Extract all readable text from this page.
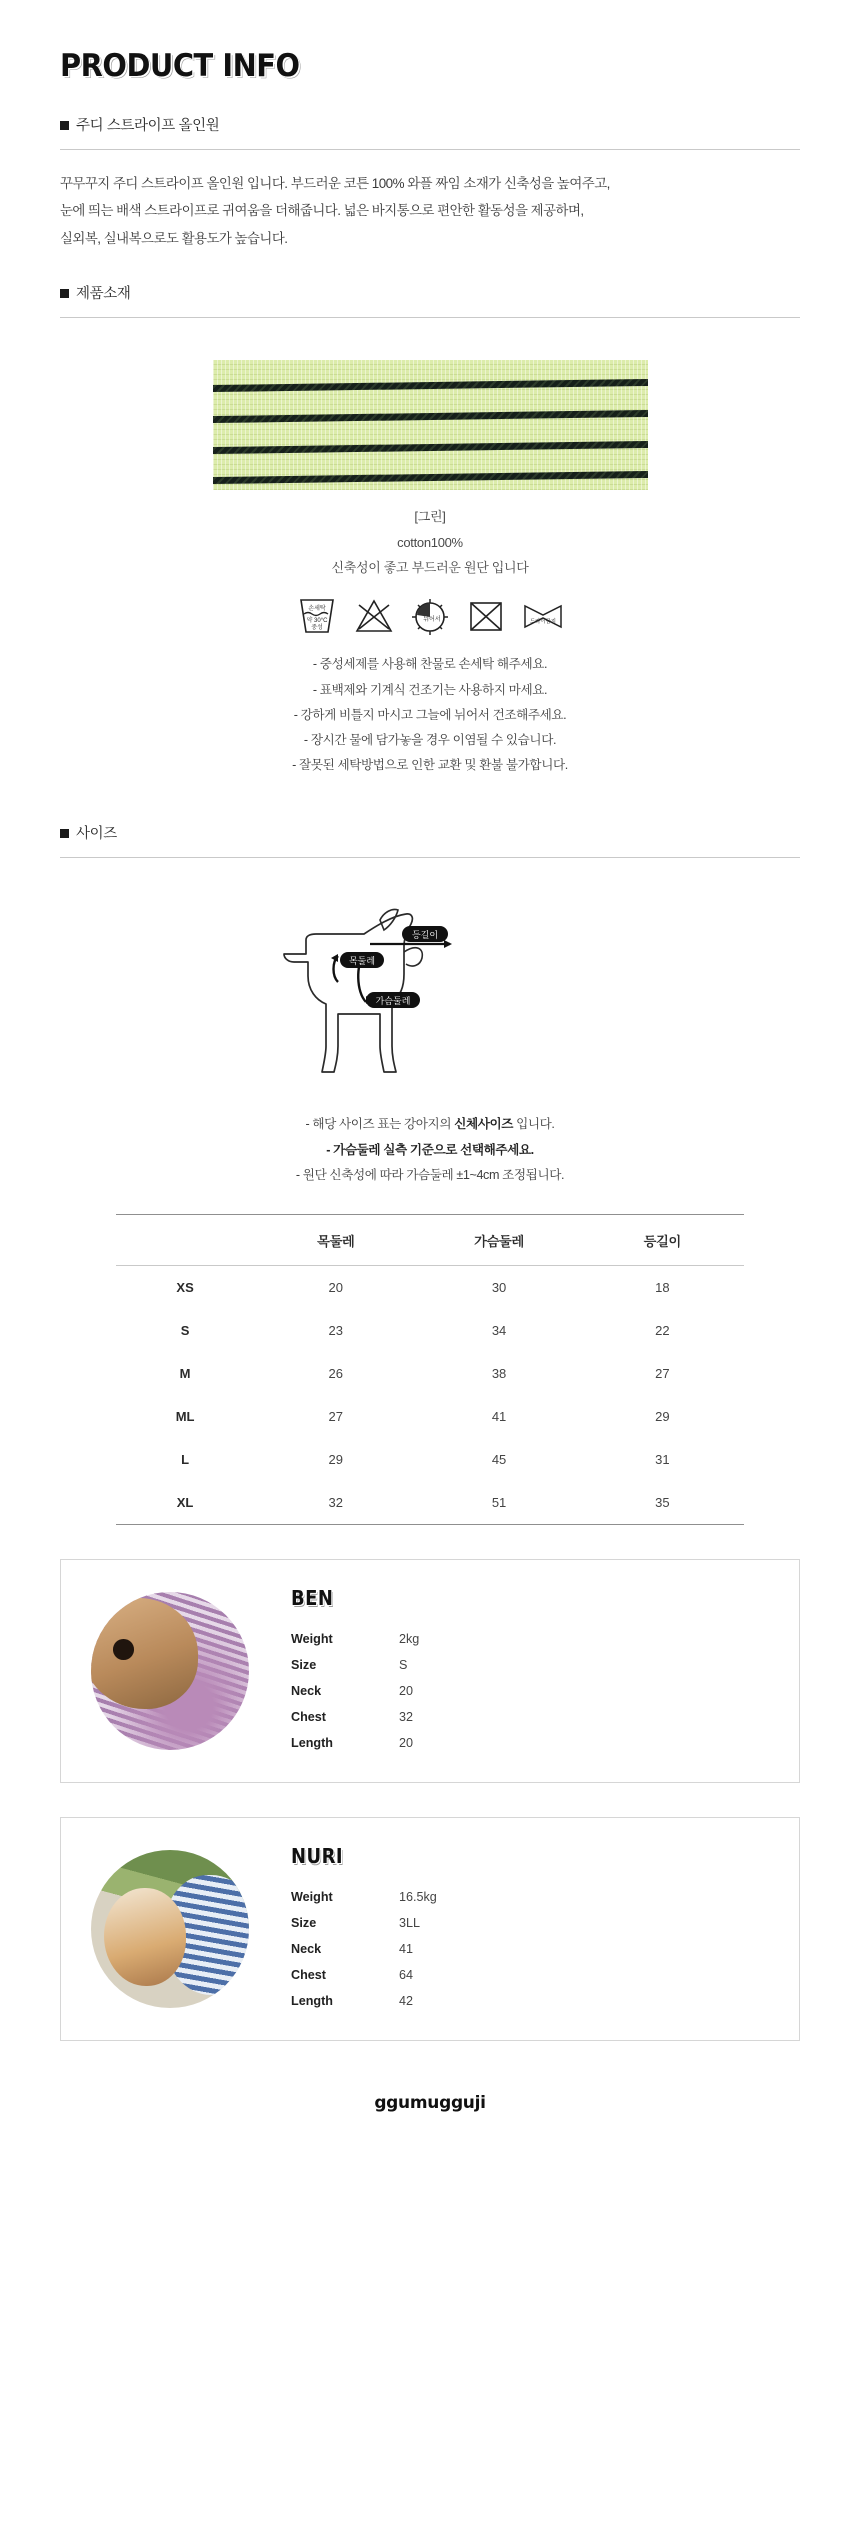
PRODUCT INFO
주디 스트라이프 올인원
꾸무꾸지 주디 스트라이프 올인원 입니다. 부드러운 코튼 100% 와플 짜임 소재가 신축성을 높여주고,
눈에 띄는 배색 스트라이프로 귀여움을 더해줍니다. 넓은 바지통으로 편안한 활동성을 제공하며,
실외복, 실내복으로도 활용도가 높습니다.
제품소재
[그린]
cotton100%
신축성이 좋고 부드러운 원단 입니다
손세탁
약 30°C
중성
뉘어서	드라이금지
- 중성세제를 사용해 찬물로 손세탁 해주세요.
- 표백제와 기계식 건조기는 사용하지 마세요.
- 강하게 비틀지 마시고 그늘에 뉘어서 건조해주세요.
- 장시간 물에 담가놓을 경우 이염될 수 있습니다.
- 잘못된 세탁방법으로 인한 교환 및 환불 불가합니다.
사이즈
목둘레
가슴둘레
등길이
- 해당 사이즈 표는 강아지의 신체사이즈 입니다.
- 가슴둘레 실측 기준으로 선택해주세요.
- 원단 신축성에 따라 가슴둘레 ±1~4cm 조정됩니다.
	목둘레	가슴둘레	등길이
XS	20	30	18
S	23	34	22
M	26	38	27
ML	27	41	29
L	29	45	31
XL	32	51	35
BEN
Weight	2kg
Size	S
Neck	20
Chest	32
Length	20
NURI
Weight	16.5kg
Size	3LL
Neck	41
Chest	64
Length	42
ggumugguji
